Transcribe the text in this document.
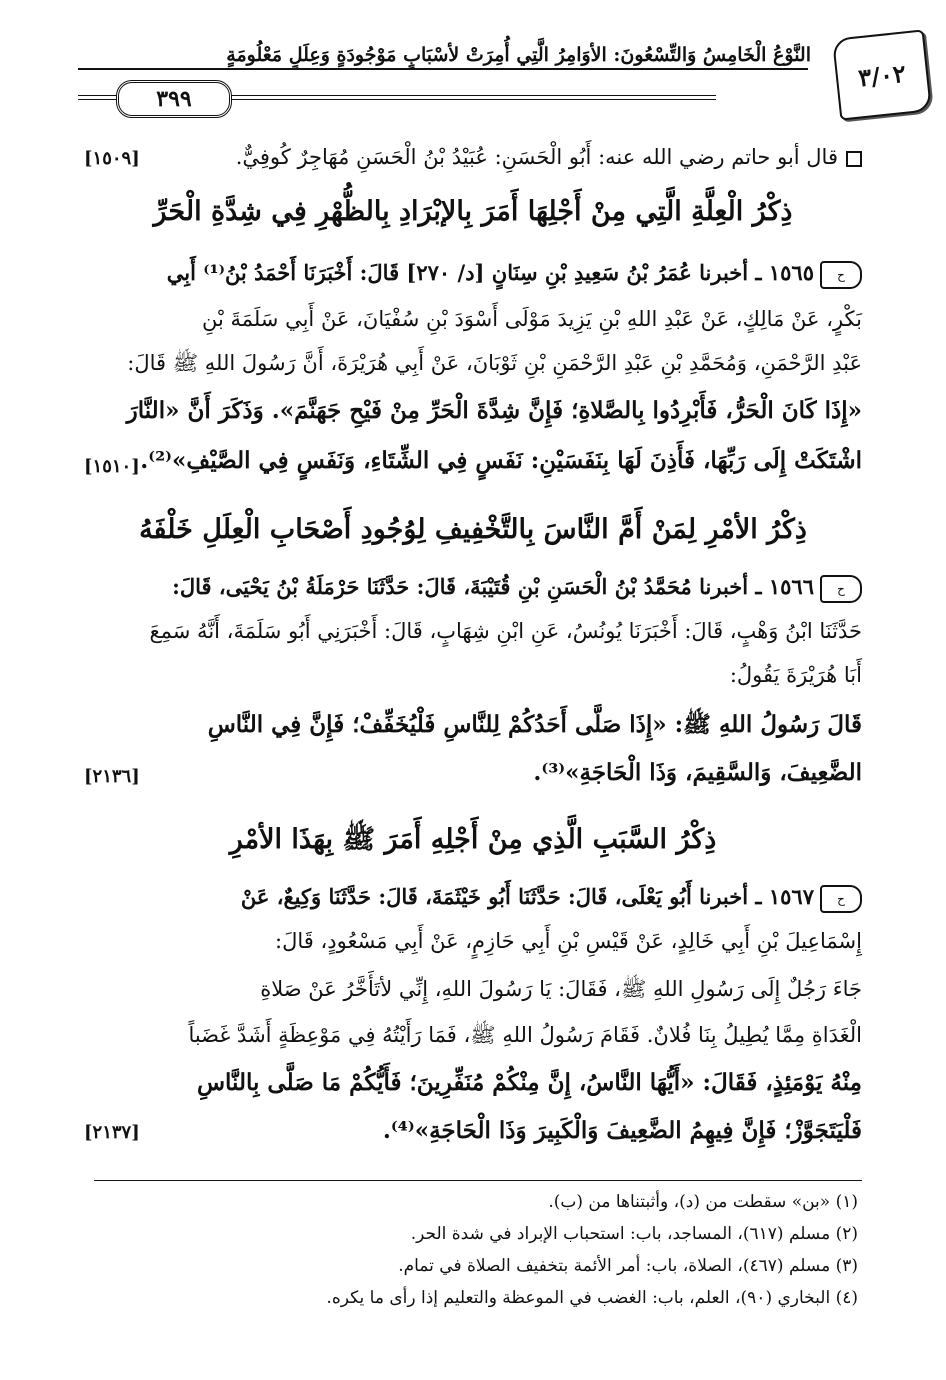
٣/٠٢
النَّوْعُ الْخَامِسُ وَالتِّسْعُونَ: الأوَامِرُ الَّتِي أُمِرَتْ لأسْبَابٍ مَوْجُودَةٍ وَعِلَلٍ مَعْلُومَةٍ
٣٩٩
قال أبو حاتم رضي الله عنه: أَبُو الْحَسَنِ: عُبَيْدُ بْنُ الْحَسَنِ مُهَاجِرٌ كُوفِيٌّ.
[١٥٠٩]
ذِكْرُ الْعِلَّةِ الَّتِي مِنْ أَجْلِهَا أَمَرَ بِالإبْرَادِ بِالظُّهْرِ فِي شِدَّةِ الْحَرِّ
ح١٥٦٥ ـ أخبرنا عُمَرُ بْنُ سَعِيدِ بْنِ سِنَانٍ [د/ ٢٧٠] قَالَ: أَخْبَرَنَا أَحْمَدُ بْنُ⁽¹⁾ أَبِي
بَكْرٍ، عَنْ مَالِكٍ، عَنْ عَبْدِ اللهِ بْنِ يَزِيدَ مَوْلَى أَسْوَدَ بْنِ سُفْيَانَ، عَنْ أَبِي سَلَمَةَ بْنِ
عَبْدِ الرَّحْمَنِ، وَمُحَمَّدِ بْنِ عَبْدِ الرَّحْمَنِ بْنِ ثَوْبَانَ، عَنْ أَبِي هُرَيْرَةَ، أَنَّ رَسُولَ اللهِ ﷺ قَالَ:
«إِذَا كَانَ الْحَرُّ، فَأَبْرِدُوا بِالصَّلاةِ؛ فَإِنَّ شِدَّةَ الْحَرِّ مِنْ فَيْحِ جَهَنَّمَ». وَذَكَرَ أَنَّ «النَّارَ
اشْتَكَتْ إِلَى رَبِّهَا، فَأَذِنَ لَهَا بِنَفَسَيْنِ: نَفَسٍ فِي الشِّتَاءِ، وَنَفَسٍ فِي الصَّيْفِ»⁽²⁾.
[١٥١٠]
ذِكْرُ الأمْرِ لِمَنْ أَمَّ النَّاسَ بِالتَّخْفِيفِ لِوُجُودِ أَصْحَابِ الْعِلَلِ خَلْفَهُ
ح١٥٦٦ ـ أخبرنا مُحَمَّدُ بْنُ الْحَسَنِ بْنِ قُتَيْبَةَ، قَالَ: حَدَّثَنَا حَرْمَلَةُ بْنُ يَحْيَى، قَالَ:
حَدَّثَنَا ابْنُ وَهْبٍ، قَالَ: أَخْبَرَنَا يُونُسُ، عَنِ ابْنِ شِهَابٍ، قَالَ: أَخْبَرَنِي أَبُو سَلَمَةَ، أَنَّهُ سَمِعَ
أَبَا هُرَيْرَةَ يَقُولُ:
قَالَ رَسُولُ اللهِ ﷺ: «إِذَا صَلَّى أَحَدُكُمْ لِلنَّاسِ فَلْيُخَفِّفْ؛ فَإِنَّ فِي النَّاسِ
الضَّعِيفَ، وَالسَّقِيمَ، وَذَا الْحَاجَةِ»⁽³⁾.
[٢١٣٦]
ذِكْرُ السَّبَبِ الَّذِي مِنْ أَجْلِهِ أَمَرَ ﷺ بِهَذَا الأمْرِ
ح١٥٦٧ ـ أخبرنا أَبُو يَعْلَى، قَالَ: حَدَّثَنَا أَبُو خَيْثَمَةَ، قَالَ: حَدَّثَنَا وَكِيعٌ، عَنْ
إِسْمَاعِيلَ بْنِ أَبِي خَالِدٍ، عَنْ قَيْسِ بْنِ أَبِي حَازِمٍ، عَنْ أَبِي مَسْعُودٍ، قَالَ:
جَاءَ رَجُلٌ إِلَى رَسُولِ اللهِ ﷺ، فَقَالَ: يَا رَسُولَ اللهِ، إِنِّي لأتَأَخَّرُ عَنْ صَلاةِ
الْغَدَاةِ مِمَّا يُطِيلُ بِنَا فُلانٌ. فَقَامَ رَسُولُ اللهِ ﷺ، فَمَا رَأَيْتُهُ فِي مَوْعِظَةٍ أَشَدَّ غَضَباً
مِنْهُ يَوْمَئِذٍ، فَقَالَ: «أَيُّهَا النَّاسُ، إِنَّ مِنْكُمْ مُنَفِّرِينَ؛ فَأَيُّكُمْ مَا صَلَّى بِالنَّاسِ
فَلْيَتَجَوَّزْ؛ فَإِنَّ فِيهِمُ الضَّعِيفَ وَالْكَبِيرَ وَذَا الْحَاجَةِ»⁽⁴⁾.
[٢١٣٧]
(١) «بن» سقطت من (د)، وأثبتناها من (ب).
(٢) مسلم (٦١٧)، المساجد، باب: استحباب الإبراد في شدة الحر.
(٣) مسلم (٤٦٧)، الصلاة، باب: أمر الأئمة بتخفيف الصلاة في تمام.
(٤) البخاري (٩٠)، العلم، باب: الغضب في الموعظة والتعليم إذا رأى ما يكره.
